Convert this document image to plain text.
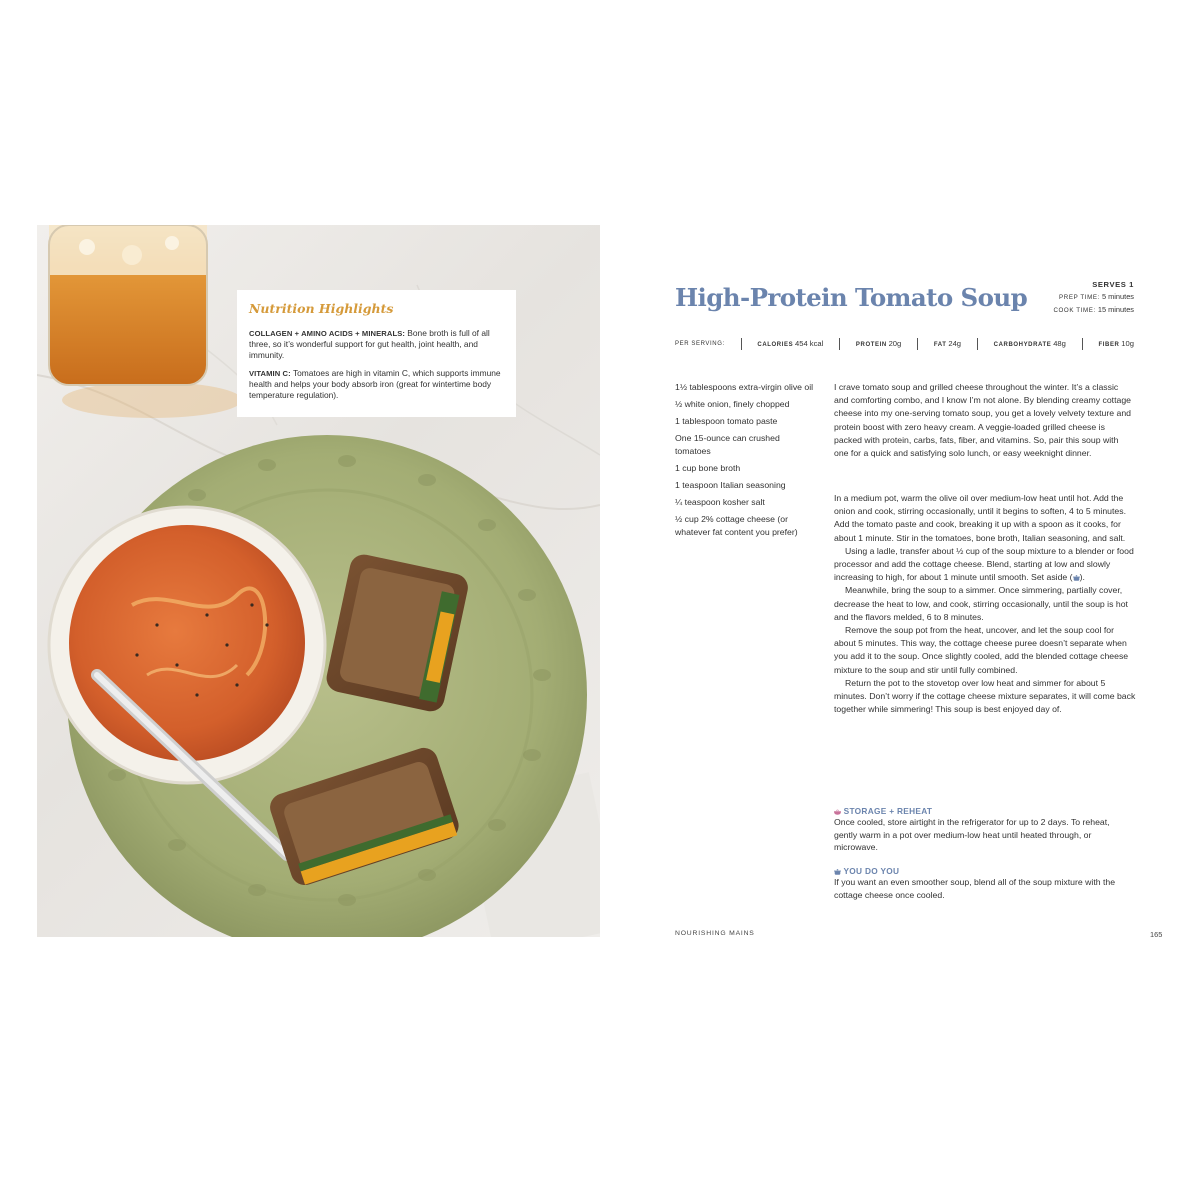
Nutrition Highlights

COLLAGEN + AMINO ACIDS + MINERALS: Bone broth is full of all three, so it’s wonderful support for gut health, joint health, and immunity.

VITAMIN C: Tomatoes are high in vitamin C, which supports immune health and helps your body absorb iron (great for wintertime body temperature regulation).

High-Protein Tomato Soup	SERVES 1
PREP TIME: 5 minutes
COOK TIME: 15 minutes
PER SERVING:	CALORIES 454 kcal	PROTEIN 20g	FAT 24g	CARBOHYDRATE 48g	FIBER 10g
1½ tablespoons extra-virgin olive oil
½ white onion, finely chopped
1 tablespoon tomato paste
One 15-ounce can crushed tomatoes
1 cup bone broth
1 teaspoon Italian seasoning
¼ teaspoon kosher salt
½ cup 2% cottage cheese (or whatever fat content you prefer)

I crave tomato soup and grilled cheese throughout the winter. It’s a classic and comforting combo, and I know I’m not alone. By blending creamy cottage cheese into my one-serving tomato soup, you get a lovely velvety texture and protein boost with zero heavy cream. A veggie-loaded grilled cheese is packed with protein, carbs, fats, fiber, and vitamins. So, pair this soup with one for a quick and satisfying solo lunch, or easy weeknight dinner.

In a medium pot, warm the olive oil over medium-low heat until hot. Add the onion and cook, stirring occasionally, until it begins to soften, 4 to 5 minutes. Add the tomato paste and cook, breaking it up with a spoon as it cooks, for about 1 minute. Stir in the tomatoes, bone broth, Italian seasoning, and salt.

Using a ladle, transfer about ½ cup of the soup mixture to a blender or food processor and add the cottage cheese. Blend, starting at low and slowly increasing to high, for about 1 minute until smooth. Set aside ( ).

Meanwhile, bring the soup to a simmer. Once simmering, partially cover, decrease the heat to low, and cook, stirring occasionally, until the soup is hot and the flavors melded, 6 to 8 minutes.

Remove the soup pot from the heat, uncover, and let the soup cool for about 5 minutes. This way, the cottage cheese puree doesn’t separate when you add it to the soup. Once slightly cooled, add the blended cottage cheese mixture to the soup and stir until fully combined.

Return the pot to the stovetop over low heat and simmer for about 5 minutes. Don’t worry if the cottage cheese mixture separates, it will come back together while simmering! This soup is best enjoyed day of.

STORAGE + REHEAT

Once cooled, store airtight in the refrigerator for up to 2 days. To reheat, gently warm in a pot over medium-low heat until heated through, or microwave.

YOU DO YOU

If you want an even smoother soup, blend all of the soup mixture with the cottage cheese once cooled.

NOURISHING MAINS	165
